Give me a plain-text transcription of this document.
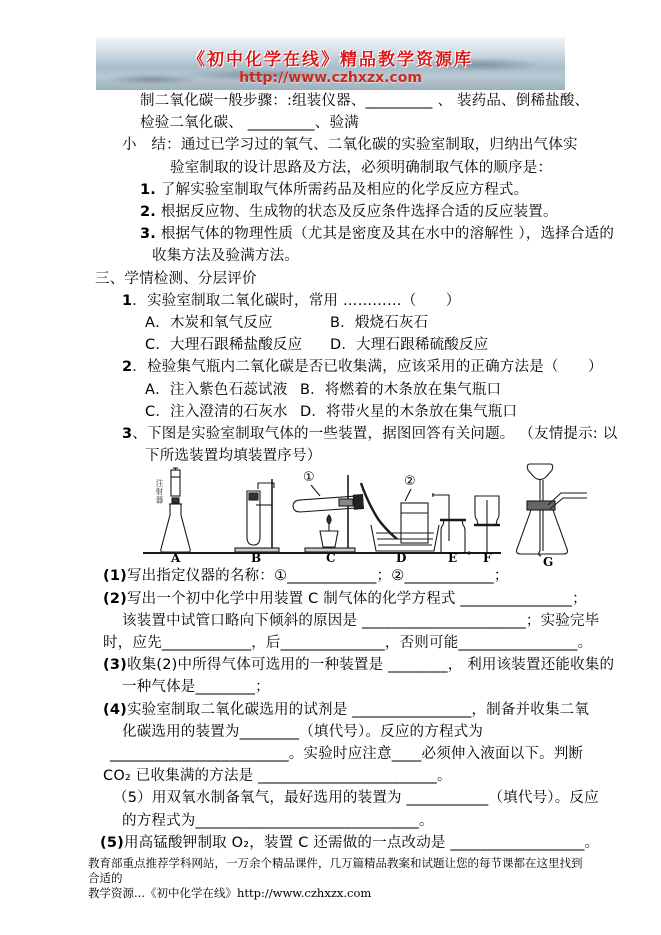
《初中化学在线》精品教学资源库
http://www.czhxzx.com
制二氧化碳一般步骤：:组装仪器、_________ 、 装药品、倒稀盐酸、
检验二氧化碳、 _________、验满
小　结：通过已学习过的氧气、二氧化碳的实验室制取，归纳出气体实
验室制取的设计思路及方法，必须明确制取气体的顺序是：
1. 了解实验室制取气体所需药品及相应的化学反应方程式。
2. 根据反应物、生成物的状态及反应条件选择合适的反应装置。
3. 根据气体的物理性质（尤其是密度及其在水中的溶解性 ），选择合适的
收集方法及验满方法。
三、学情检测、分层评价
1．实验室制取二氧化碳时，常用 …………（　　）
A．木炭和氧气反应	B．煅烧石灰石
C．大理石跟稀盐酸反应	D．大理石跟稀硫酸反应
2．检验集气瓶内二氧化碳是否已收集满，应该采用的正确方法是（　　）
A．注入紫色石蕊试液 B．将燃着的木条放在集气瓶口
C．注入澄清的石灰水 D．将带火星的木条放在集气瓶口
3、下图是实验室制取气体的一些装置，据图回答有关问题。 （友情提示: 以
下所选装置均填装置序号）
A	B	C	D	E F	G
①	②
注射器
(1)写出指定仪器的名称：①____________；②____________；
(2)写出一个初中化学中用装置 C 制气体的化学方程式 _______________；
该装置中试管口略向下倾斜的原因是 ______________________；实验完毕
时，应先____________，后______________，否则可能________________。
(3)收集(2)中所得气体可选用的一种装置是 ________， 利用该装置还能收集的
一种气体是________；
(4)实验室制取二氧化碳选用的试剂是 ________________，制备并收集二氧
化碳选用的装置为________（填代号）。反应的方程式为
________________________。实验时应注意____必须伸入液面以下。判断
CO₂ 已收集满的方法是 ________________________。
（5）用双氧水制备氧气，最好选用的装置为 ___________（填代号）。反应
的方程式为______________________________。
(5)用高锰酸钾制取 O₂，装置 C 还需做的一点改动是 __________________。
教育部重点推荐学科网站，一万余个精品课件，几万篇精品教案和试题让您的每节课都在这里找到合适的
教学资源...《初中化学在线》http://www.czhxzx.com
